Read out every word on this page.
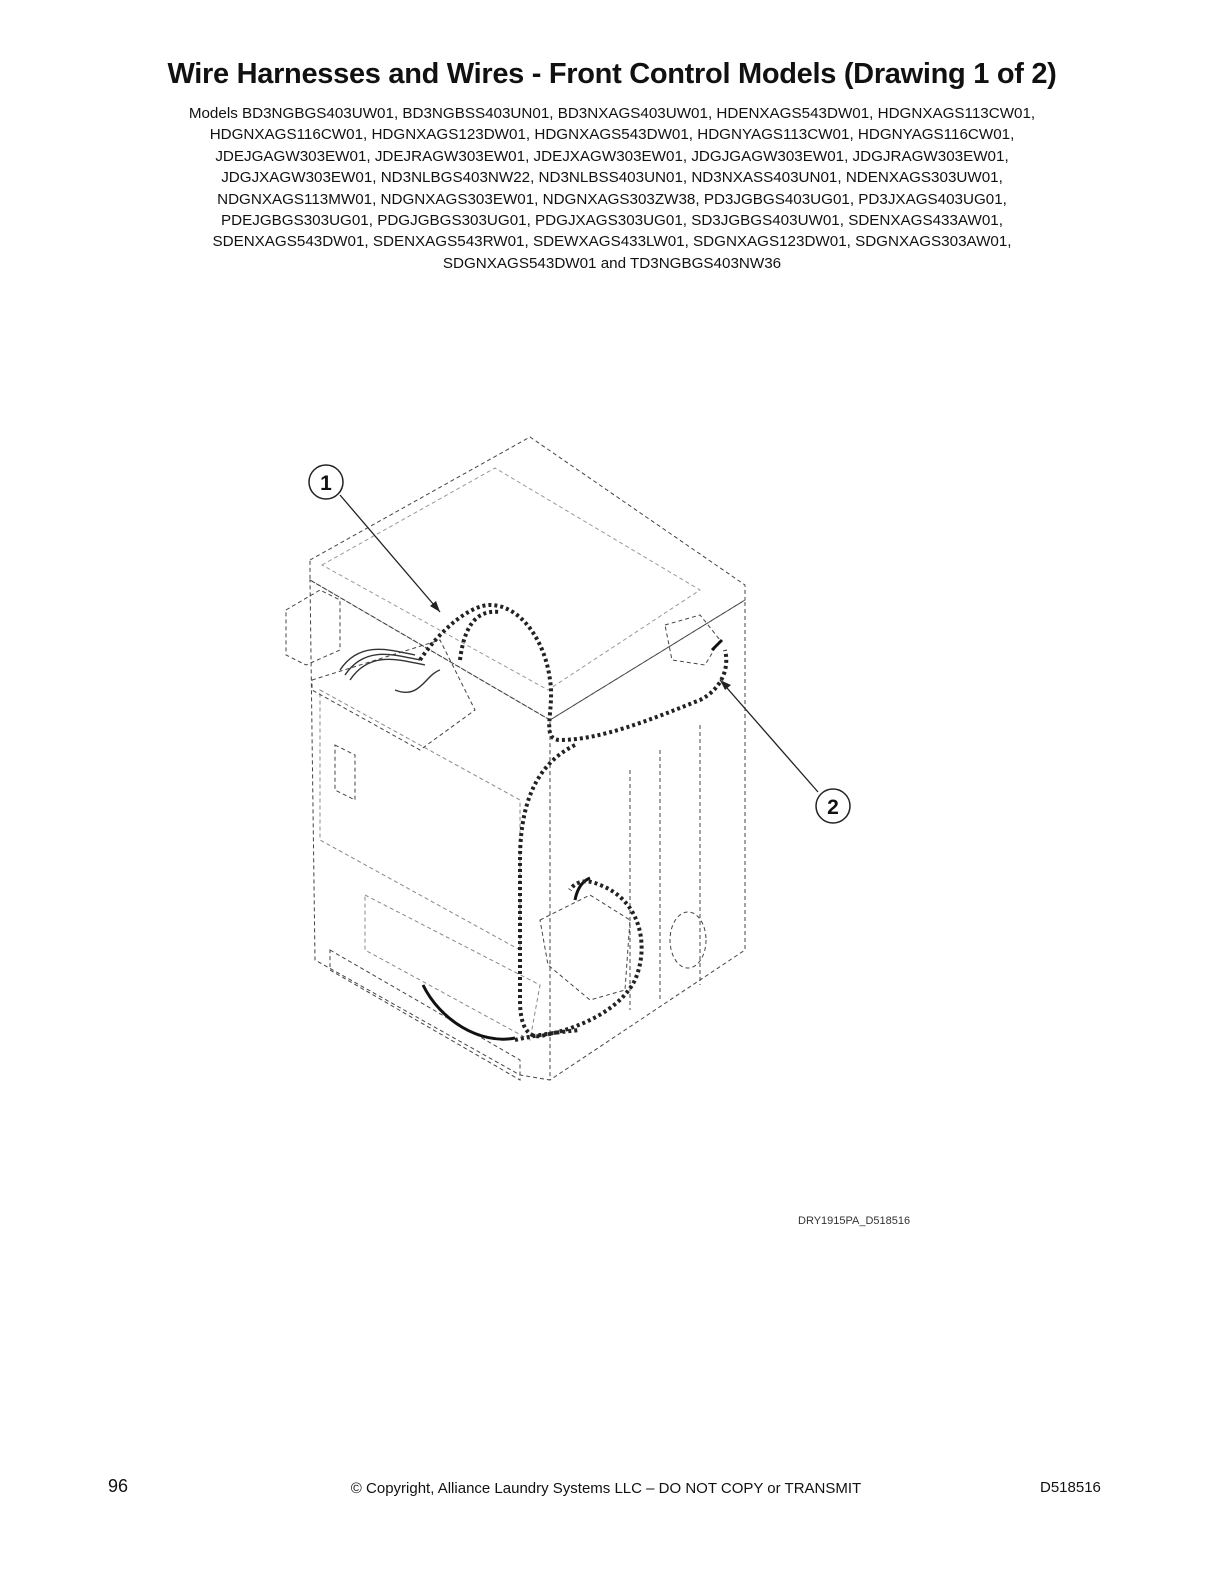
Wire Harnesses and Wires - Front Control Models (Drawing 1 of 2)
Models BD3NGBGS403UW01, BD3NGBSS403UN01, BD3NXAGS403UW01, HDENXAGS543DW01, HDGNXAGS113CW01,
HDGNXAGS116CW01, HDGNXAGS123DW01, HDGNXAGS543DW01, HDGNYAGS113CW01, HDGNYAGS116CW01,
JDEJGAGW303EW01, JDEJRAGW303EW01, JDEJXAGW303EW01, JDGJGAGW303EW01, JDGJRAGW303EW01,
JDGJXAGW303EW01, ND3NLBGS403NW22, ND3NLBSS403UN01, ND3NXASS403UN01, NDENXAGS303UW01,
NDGNXAGS113MW01, NDGNXAGS303EW01, NDGNXAGS303ZW38, PD3JGBGS403UG01, PD3JXAGS403UG01,
PDEJGBGS303UG01, PDGJGBGS303UG01, PDGJXAGS303UG01, SD3JGBGS403UW01, SDENXAGS433AW01,
SDENXAGS543DW01, SDENXAGS543RW01, SDEWXAGS433LW01, SDGNXAGS123DW01, SDGNXAGS303AW01,
SDGNXAGS543DW01 and TD3NGBGS403NW36
1
2
DRY1915PA_D518516
96	© Copyright, Alliance Laundry Systems LLC – DO NOT COPY or TRANSMIT	D518516
